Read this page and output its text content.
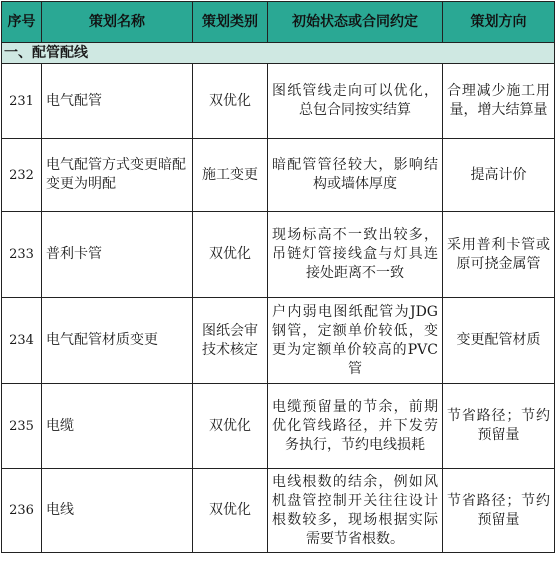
序号	策划名称	策划类别	初始状态或合同约定	策划方向
一、配管配线				
231	电气配管	双优化	图纸管线走向可以优化，总包合同按实结算	合理减少施工用量，增大结算量
232	电气配管方式变更暗配变更为明配	施工变更	暗配管管径较大，影响结构或墙体厚度	提高计价
233	普利卡管	双优化	现场标高不一致出较多，吊链灯管接线盒与灯具连接处距离不一致	采用普利卡管或原可挠金属管
234	电气配管材质变更	图纸会审技术核定	户内弱电图纸配管为JDG钢管，定额单价较低，变更为定额单价较高的PVC管	变更配管材质
235	电缆	双优化	电缆预留量的节余，前期优化管线路径，并下发劳务执行，节约电线损耗	节省路径；节约预留量
236	电线	双优化	电线根数的结余，例如风机盘管控制开关往往设计根数较多，现场根据实际需要节省根数。	节省路径；节约预留量
